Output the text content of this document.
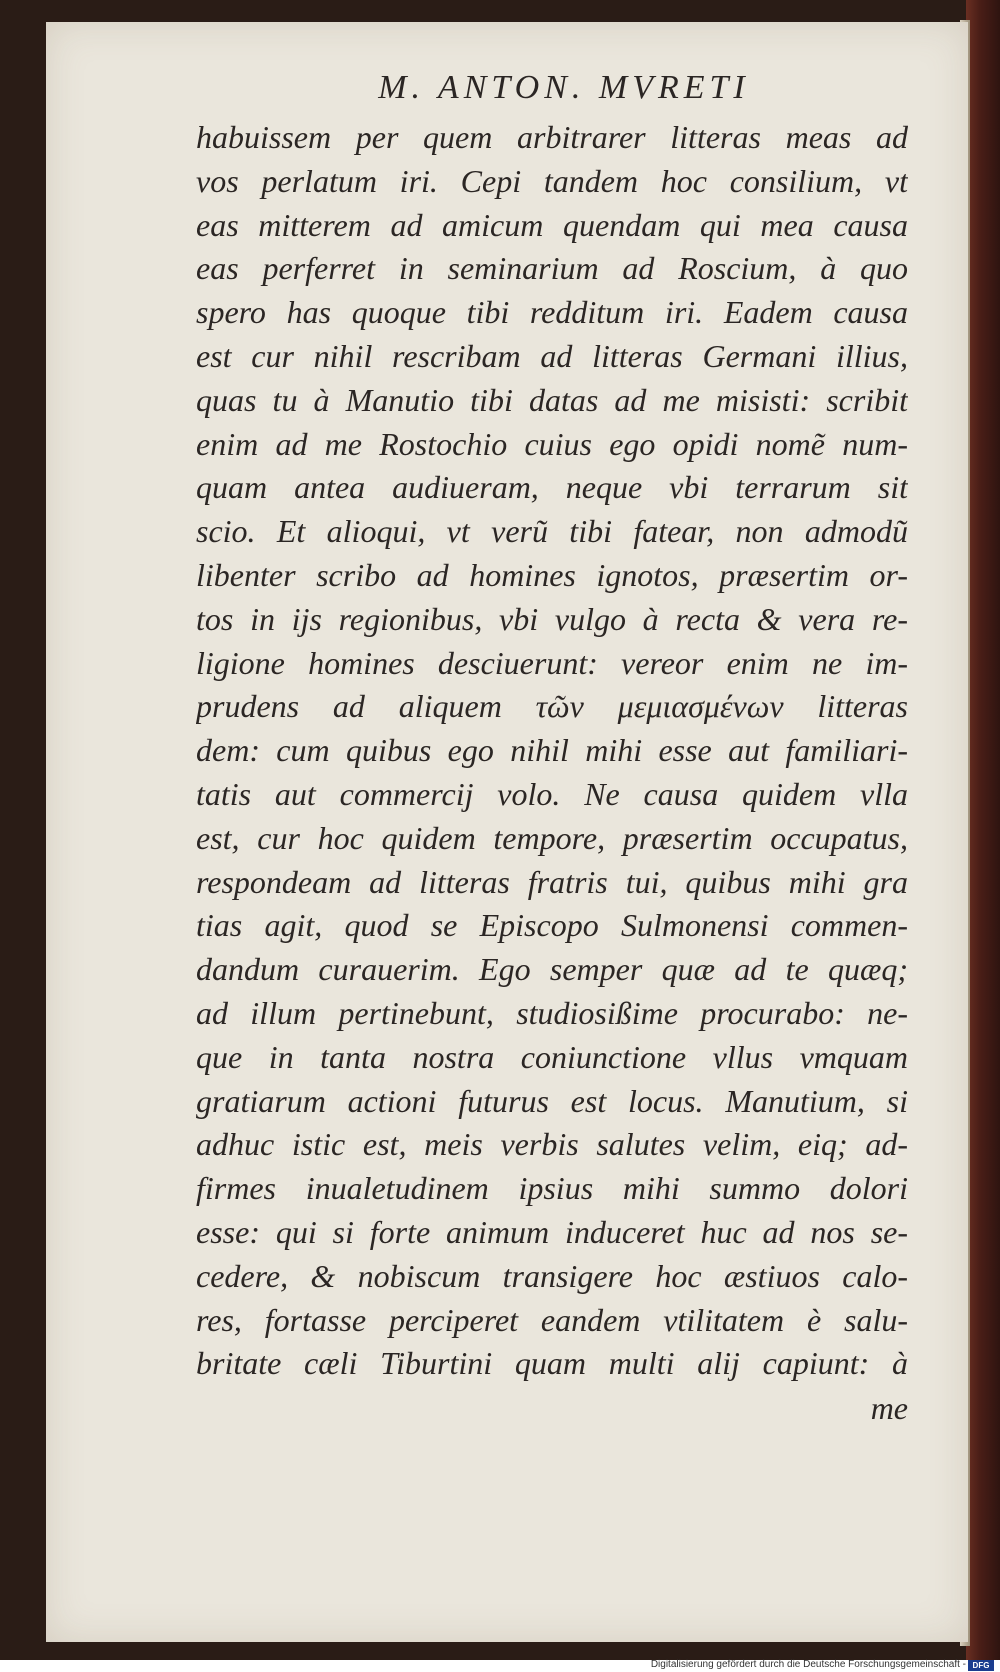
M. ANTON. MVRETI
habuissem per quem arbitrarer litteras meas ad
vos perlatum iri. Cepi tandem hoc consilium, vt
eas mitterem ad amicum quendam qui mea causa
eas perferret in seminarium ad Roscium, à quo
spero has quoque tibi redditum iri. Eadem causa
est cur nihil rescribam ad litteras Germani illius,
quas tu à Manutio tibi datas ad me misisti: scribit
enim ad me Rostochio cuius ego opidi nomẽ num-
quam antea audiueram, neque vbi terrarum sit
scio. Et alioqui, vt verũ tibi fatear, non admodũ
libenter scribo ad homines ignotos, præsertim or-
tos in ijs regionibus, vbi vulgo à recta & vera re-
ligione homines desciuerunt: vereor enim ne im-
prudens ad aliquem τῶν μεμιασμένων litteras
dem: cum quibus ego nihil mihi esse aut familiari-
tatis aut commercij volo. Ne causa quidem vlla
est, cur hoc quidem tempore, præsertim occupatus,
respondeam ad litteras fratris tui, quibus mihi gra
tias agit, quod se Episcopo Sulmonensi commen-
dandum curauerim. Ego semper quæ ad te quæq;
ad illum pertinebunt, studiosißime procurabo: ne-
que in tanta nostra coniunctione vllus vmquam
gratiarum actioni futurus est locus. Manutium, si
adhuc istic est, meis verbis salutes velim, eiq; ad-
firmes inualetudinem ipsius mihi summo dolori
esse: qui si forte animum induceret huc ad nos se-
cedere, & nobiscum transigere hoc æstiuos calo-
res, fortasse perciperet eandem vtilitatem è salu-
britate cæli Tiburtini quam multi alij capiunt: à
me
Digitalisierung gefördert durch die Deutsche Forschungsgemeinschaft - DFG
